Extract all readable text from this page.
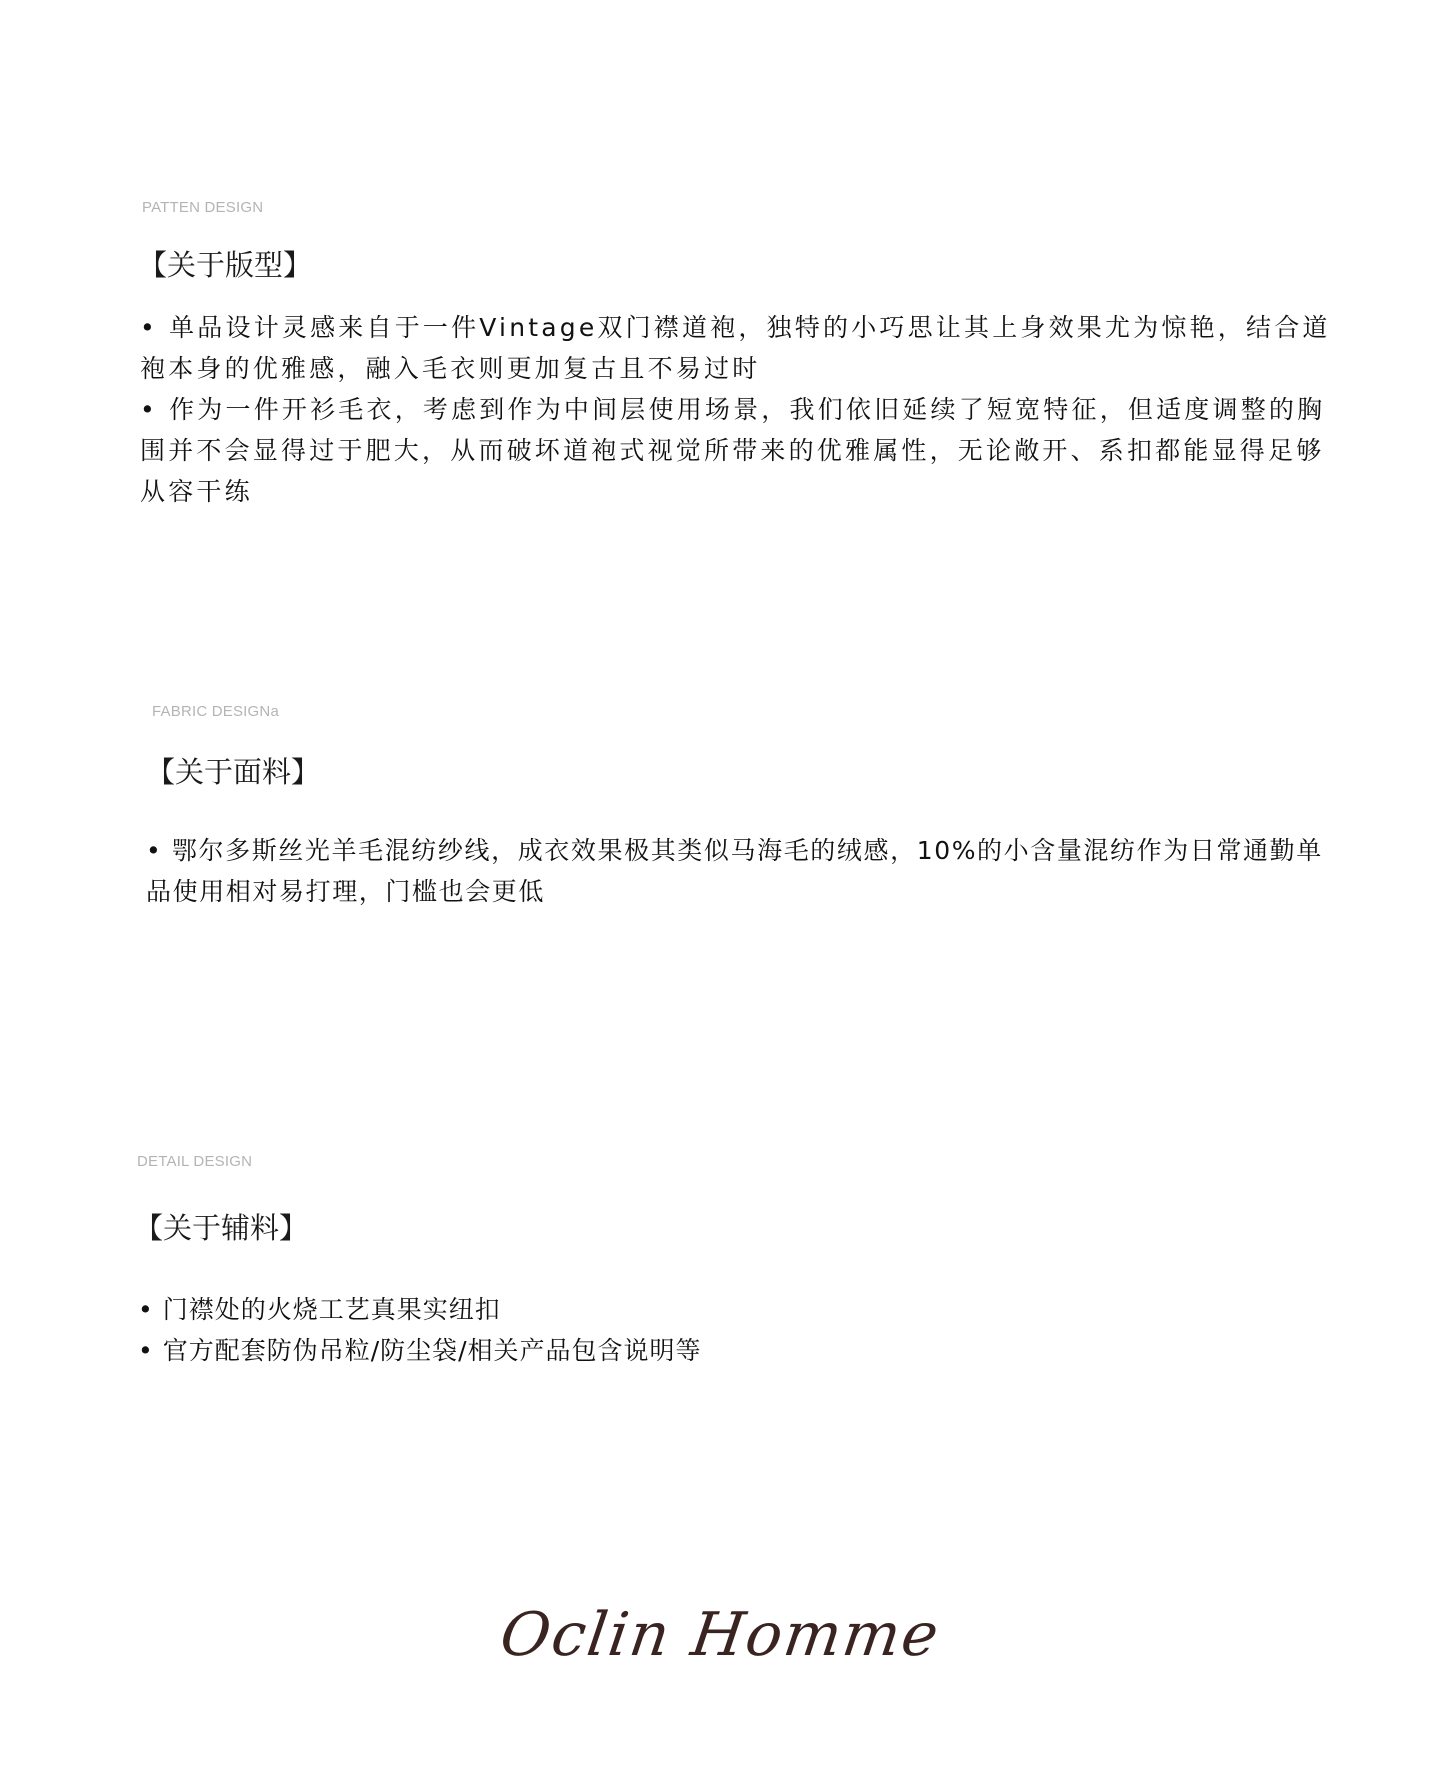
PATTEN DESIGN
【关于版型】

• 单品设计灵感来自于一件Vintage双门襟道袍，独特的小巧思让其上身效果尤为惊艳，结合道袍本身的优雅感，融入毛衣则更加复古且不易过时

• 作为一件开衫毛衣，考虑到作为中间层使用场景，我们依旧延续了短宽特征，但适度调整的胸围并不会显得过于肥大，从而破坏道袍式视觉所带来的优雅属性，无论敞开、系扣都能显得足够从容干练

FABRIC DESIGNa
【关于面料】

• 鄂尔多斯丝光羊毛混纺纱线，成衣效果极其类似马海毛的绒感，10%的小含量混纺作为日常通勤单品使用相对易打理，门槛也会更低

DETAIL DESIGN
【关于辅料】

• 门襟处的火烧工艺真果实纽扣

• 官方配套防伪吊粒/防尘袋/相关产品包含说明等

Oclin Homme
